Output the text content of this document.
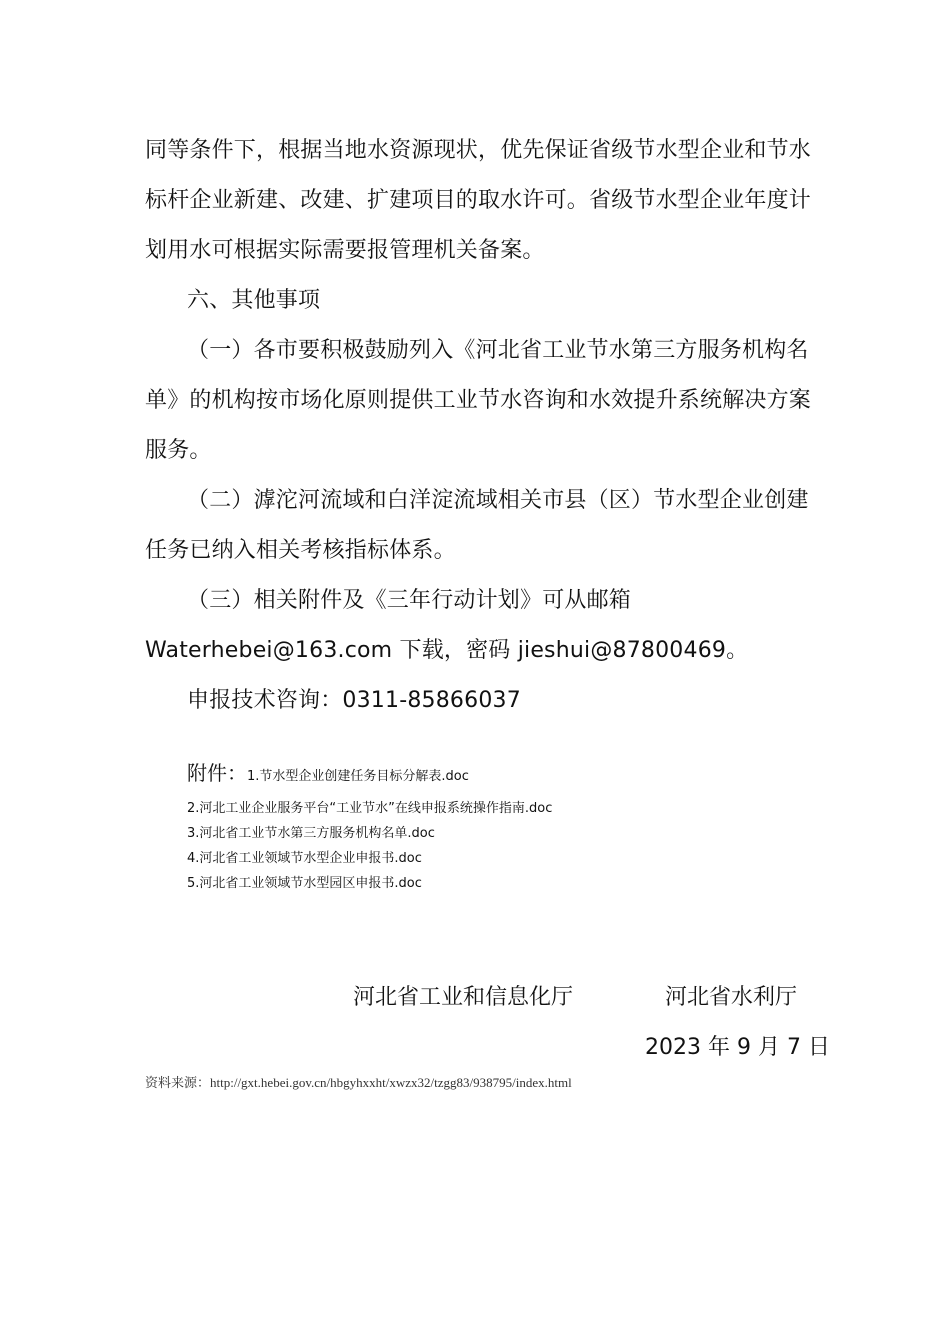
同等条件下，根据当地水资源现状，优先保证省级节水型企业和节水
标杆企业新建、改建、扩建项目的取水许可。省级节水型企业年度计
划用水可根据实际需要报管理机关备案。
六、其他事项
（一）各市要积极鼓励列入《河北省工业节水第三方服务机构名
单》的机构按市场化原则提供工业节水咨询和水效提升系统解决方案
服务。
（二）滹沱河流域和白洋淀流域相关市县（区）节水型企业创建
任务已纳入相关考核指标体系。
（三）相关附件及《三年行动计划》可从邮箱
Waterhebei@163.com 下载，密码 jieshui@87800469。
申报技术咨询：0311-85866037
附件：1.节水型企业创建任务目标分解表.doc
2.河北工业企业服务平台“工业节水”在线申报系统操作指南.doc
3.河北省工业节水第三方服务机构名单.doc
4.河北省工业领域节水型企业申报书.doc
5.河北省工业领域节水型园区申报书.doc
河北省工业和信息化厅	河北省水利厅
2023 年 9 月 7 日
资料来源：http://gxt.hebei.gov.cn/hbgyhxxht/xwzx32/tzgg83/938795/index.html
